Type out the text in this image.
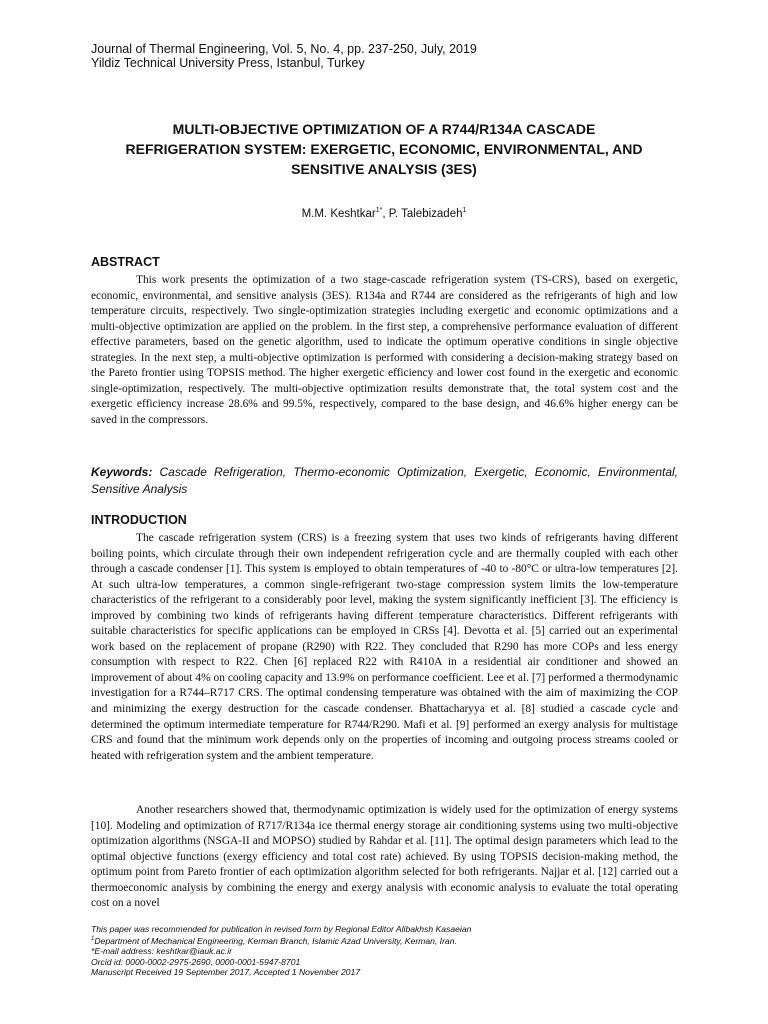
Journal of Thermal Engineering, Vol. 5, No. 4, pp. 237-250, July, 2019
Yildiz Technical University Press, Istanbul, Turkey
MULTI-OBJECTIVE OPTIMIZATION OF A R744/R134A CASCADE
REFRIGERATION SYSTEM: EXERGETIC, ECONOMIC, ENVIRONMENTAL, AND
SENSITIVE ANALYSIS (3ES)
M.M. Keshtkar$^{1*}$, P. Talebizadeh$^1$
ABSTRACT

This work presents the optimization of a two stage-cascade refrigeration system (TS-CRS), based on exergetic, economic, environmental, and sensitive analysis (3ES). R134a and R744 are considered as the refrigerants of high and low temperature circuits, respectively. Two single-optimization strategies including exergetic and economic optimizations and a multi-objective optimization are applied on the problem. In the first step, a comprehensive performance evaluation of different effective parameters, based on the genetic algorithm, used to indicate the optimum operative conditions in single objective strategies. In the next step, a multi-objective optimization is performed with considering a decision-making strategy based on the Pareto frontier using TOPSIS method. The higher exergetic efficiency and lower cost found in the exergetic and economic single-optimization, respectively. The multi-objective optimization results demonstrate that, the total system cost and the exergetic efficiency increase 28.6% and 99.5%, respectively, compared to the base design, and 46.6% higher energy can be saved in the compressors.

Keywords: Cascade Refrigeration, Thermo-economic Optimization, Exergetic, Economic, Environmental, Sensitive Analysis
INTRODUCTION

The cascade refrigeration system (CRS) is a freezing system that uses two kinds of refrigerants having different boiling points, which circulate through their own independent refrigeration cycle and are thermally coupled with each other through a cascade condenser [1]. This system is employed to obtain temperatures of -40 to -80°C or ultra-low temperatures [2]. At such ultra-low temperatures, a common single-refrigerant two-stage compression system limits the low-temperature characteristics of the refrigerant to a considerably poor level, making the system significantly inefficient [3]. The efficiency is improved by combining two kinds of refrigerants having different temperature characteristics. Different refrigerants with suitable characteristics for specific applications can be employed in CRSs [4]. Devotta et al. [5] carried out an experimental work based on the replacement of propane (R290) with R22. They concluded that R290 has more COPs and less energy consumption with respect to R22. Chen [6] replaced R22 with R410A in a residential air conditioner and showed an improvement of about 4% on cooling capacity and 13.9% on performance coefficient. Lee et al. [7] performed a thermodynamic investigation for a R744–R717 CRS. The optimal condensing temperature was obtained with the aim of maximizing the COP and minimizing the exergy destruction for the cascade condenser. Bhattacharyya et al. [8] studied a cascade cycle and determined the optimum intermediate temperature for R744/R290. Mafi et al. [9] performed an exergy analysis for multistage CRS and found that the minimum work depends only on the properties of incoming and outgoing process streams cooled or heated with refrigeration system and the ambient temperature.

Another researchers showed that, thermodynamic optimization is widely used for the optimization of energy systems [10]. Modeling and optimization of R717/R134a ice thermal energy storage air conditioning systems using two multi-objective optimization algorithms (NSGA-II and MOPSO) studied by Rahdar et al. [11]. The optimal design parameters which lead to the optimal objective functions (exergy efficiency and total cost rate) achieved. By using TOPSIS decision-making method, the optimum point from Pareto frontier of each optimization algorithm selected for both refrigerants. Najjar et al. [12] carried out a thermoeconomic analysis by combining the energy and exergy analysis with economic analysis to evaluate the total operating cost on a novel

This paper was recommended for publication in revised form by Regional Editor Alibakhsh Kasaeian
$^1$Department of Mechanical Engineering, Kerman Branch, Islamic Azad University, Kerman, Iran.
*E-mail address: keshtkar@iauk.ac.ir
Orcid id: 0000-0002-2975-2690, 0000-0001-5947-8701
Manuscript Received 19 September 2017, Accepted 1 November 2017
